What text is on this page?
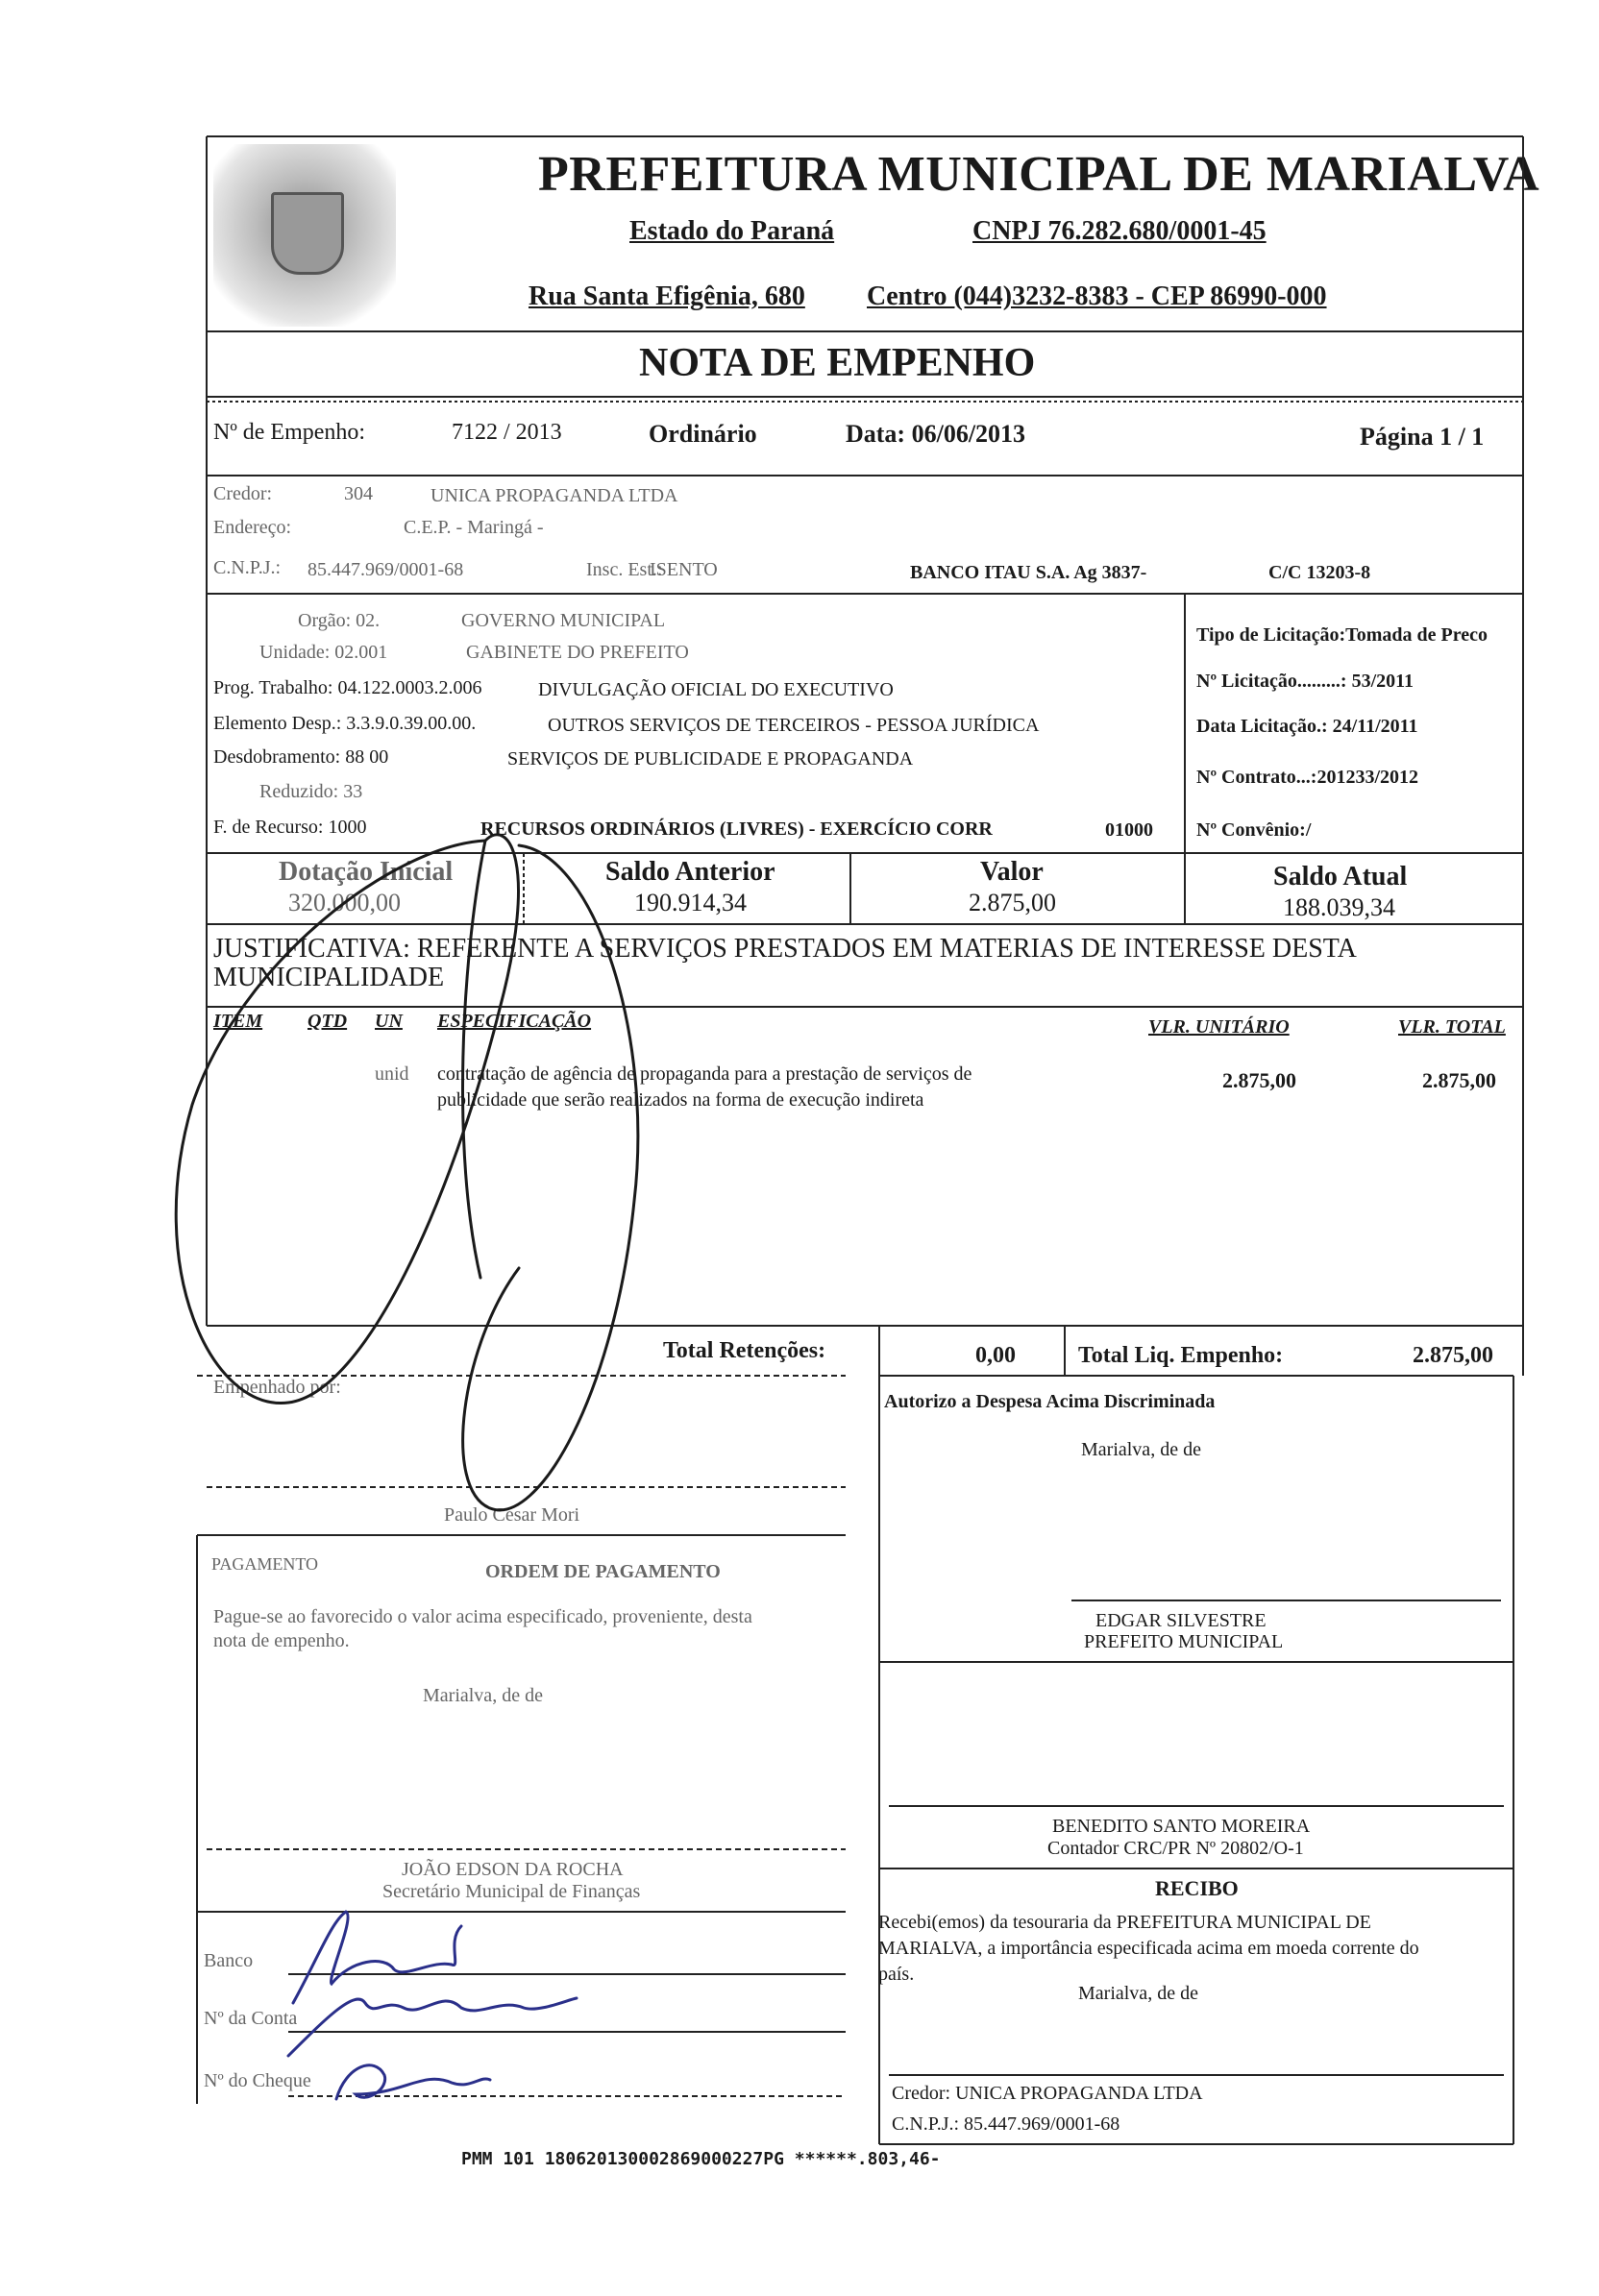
PREFEITURA MUNICIPAL DE MARIALVA
Estado do Paraná	CNPJ 76.282.680/0001-45
Rua Santa Efigênia, 680 Centro (044)3232-8383 - CEP 86990-000
NOTA DE EMPENHO
Nº de Empenho:	7122 / 2013	Ordinário	Data: 06/06/2013	Página 1 / 1
Credor:	304	UNICA PROPAGANDA LTDA
Endereço:	C.E.P. - Maringá -
C.N.P.J.: 85.447.969/0001-68	Insc. Est.:
ISENTO	BANCO ITAU S.A. Ag 3837-	C/C 13203-8
Orgão: 02.	GOVERNO MUNICIPAL
Unidade: 02.001	GABINETE DO PREFEITO
Prog. Trabalho: 04.122.0003.2.006	DIVULGAÇÃO OFICIAL DO EXECUTIVO
Elemento Desp.: 3.3.9.0.39.00.00.	OUTROS SERVIÇOS DE TERCEIROS - PESSOA JURÍDICA
Desdobramento: 88 00	SERVIÇOS DE PUBLICIDADE E PROPAGANDA
Reduzido: 33
F. de Recurso: 1000	RECURSOS ORDINÁRIOS (LIVRES) - EXERCÍCIO CORR	01000
Tipo de Licitação:Tomada de Preco
Nº Licitação.........: 53/2011
Data Licitação.: 24/11/2011
Nº Contrato...:201233/2012
Nº Convênio:/
Dotação Inicial
320.000,00
Saldo Anterior
190.914,34
Valor
2.875,00
Saldo Atual
188.039,34
JUSTIFICATIVA: REFERENTE A SERVIÇOS PRESTADOS EM MATERIAS DE INTERESSE DESTA
MUNICIPALIDADE
ITEM QTD UN ESPECIFICAÇÃO	VLR. UNITÁRIO	VLR. TOTAL
unid contratação de agência de propaganda para a prestação de serviços de
publicidade que serão realizados na forma de execução indireta
2.875,00	2.875,00
Total Retenções:	0,00	Total Liq. Empenho:	2.875,00
Empenhado por:
Paulo César Mori
Autorizo a Despesa Acima Discriminada
Marialva, de de
EDGAR SILVESTRE
PREFEITO MUNICIPAL
BENEDITO SANTO MOREIRA
Contador CRC/PR Nº 20802/O-1
PAGAMENTO	ORDEM DE PAGAMENTO
Pague-se ao favorecido o valor acima especificado, proveniente, desta
nota de empenho.
Marialva, de de
JOÃO EDSON DA ROCHA
Secretário Municipal de Finanças
Banco
Nº da Conta
Nº do Cheque
RECIBO
Recebi(emos) da tesouraria da PREFEITURA MUNICIPAL DE
MARIALVA, a importância especificada acima em moeda corrente do
país.
Marialva, de de
Credor: UNICA PROPAGANDA LTDA
C.N.P.J.: 85.447.969/0001-68
PMM 101 180620130002869000227PG ******.803,46-
